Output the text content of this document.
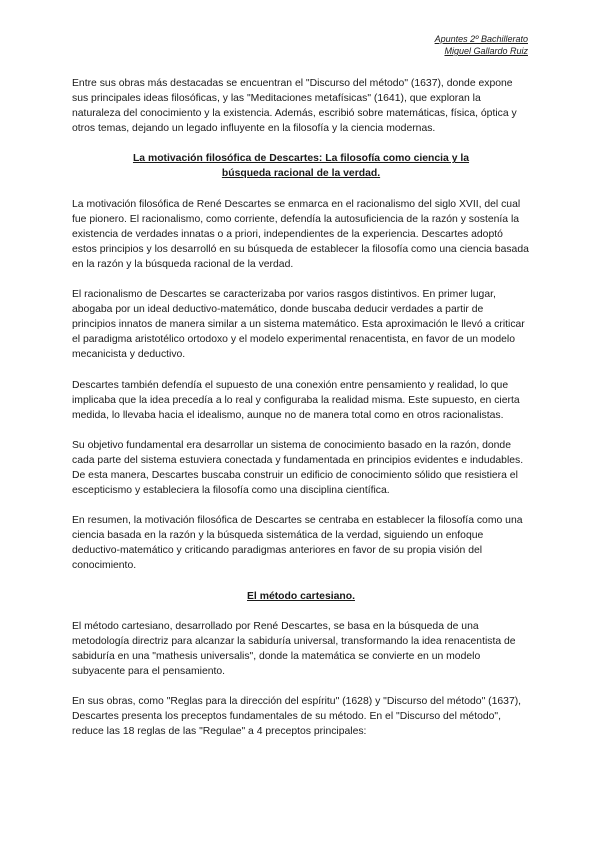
Apuntes 2º Bachillerato
Miguel Gallardo Ruiz

Entre sus obras más destacadas se encuentran el "Discurso del método" (1637), donde expone sus principales ideas filosóficas, y las "Meditaciones metafísicas" (1641), que exploran la naturaleza del conocimiento y la existencia. Además, escribió sobre matemáticas, física, óptica y otros temas, dejando un legado influyente en la filosofía y la ciencia modernas.

La motivación filosófica de Descartes: La filosofía como ciencia y la búsqueda racional de la verdad.

La motivación filosófica de René Descartes se enmarca en el racionalismo del siglo XVII, del cual fue pionero. El racionalismo, como corriente, defendía la autosuficiencia de la razón y sostenía la existencia de verdades innatas o a priori, independientes de la experiencia. Descartes adoptó estos principios y los desarrolló en su búsqueda de establecer la filosofía como una ciencia basada en la razón y la búsqueda racional de la verdad.

El racionalismo de Descartes se caracterizaba por varios rasgos distintivos. En primer lugar, abogaba por un ideal deductivo-matemático, donde buscaba deducir verdades a partir de principios innatos de manera similar a un sistema matemático. Esta aproximación le llevó a criticar el paradigma aristotélico ortodoxo y el modelo experimental renacentista, en favor de un modelo mecanicista y deductivo.

Descartes también defendía el supuesto de una conexión entre pensamiento y realidad, lo que implicaba que la idea precedía a lo real y configuraba la realidad misma. Este supuesto, en cierta medida, lo llevaba hacia el idealismo, aunque no de manera total como en otros racionalistas.

Su objetivo fundamental era desarrollar un sistema de conocimiento basado en la razón, donde cada parte del sistema estuviera conectada y fundamentada en principios evidentes e indudables. De esta manera, Descartes buscaba construir un edificio de conocimiento sólido que resistiera el escepticismo y estableciera la filosofía como una disciplina científica.

En resumen, la motivación filosófica de Descartes se centraba en establecer la filosofía como una ciencia basada en la razón y la búsqueda sistemática de la verdad, siguiendo un enfoque deductivo-matemático y criticando paradigmas anteriores en favor de su propia visión del conocimiento.

El método cartesiano.

El método cartesiano, desarrollado por René Descartes, se basa en la búsqueda de una metodología directriz para alcanzar la sabiduría universal, transformando la idea renacentista de sabiduría en una "mathesis universalis", donde la matemática se convierte en un modelo subyacente para el pensamiento.

En sus obras, como "Reglas para la dirección del espíritu" (1628) y "Discurso del método" (1637), Descartes presenta los preceptos fundamentales de su método. En el "Discurso del método", reduce las 18 reglas de las "Regulae" a 4 preceptos principales:
